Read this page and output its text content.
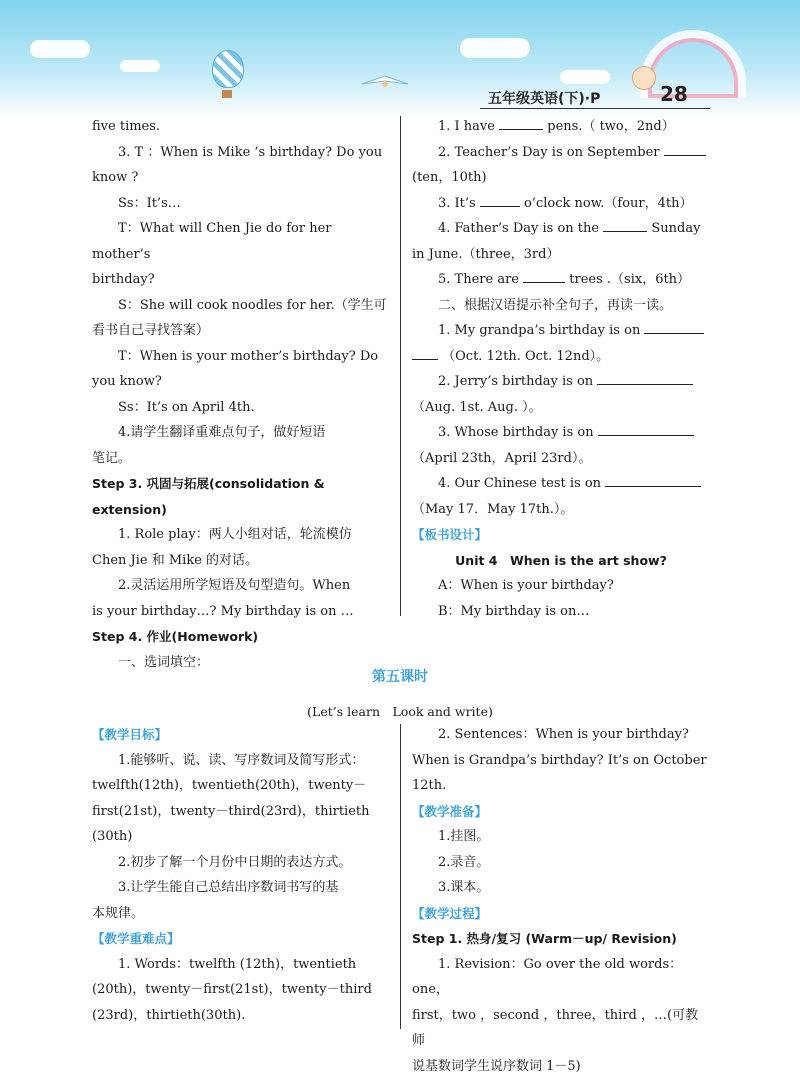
五年级英语(下)·P	28

five times.

3. T ：When is Mike ’s birthday? Do you

know ?

Ss：It’s…

T：What will Chen Jie do for her mother’s

birthday?

S：She will cook noodles for her.（学生可

看书自己寻找答案）

T：When is your mother’s birthday? Do

you know?

Ss：It’s on April 4th.

4.请学生翻译重难点句子，做好短语

笔记。

Step 3. 巩固与拓展(consolidation & extension)

1. Role play：两人小组对话，轮流模仿

Chen Jie 和 Mike 的对话。

2.灵活运用所学短语及句型造句。When

is your birthday…? My birthday is on …

Step 4. 作业(Homework)

一、选词填空：

1. I have	pens.（ two，2nd）

2. Teacher’s Day is on September

(ten，10th)

3. It’s	o’clock now.（four，4th）

4. Father’s Day is on the	Sunday

in June.（three，3rd）

5. There are	trees .（six，6th）

二、根据汉语提示补全句子，再读一读。

1. My grandpa’s birthday is on

（Oct. 12th. Oct. 12nd）。

2. Jerry’s birthday is on

（Aug. 1st. Aug. ）。

3. Whose birthday is on

（April 23th，April 23rd）。

4. Our Chinese test is on

（May 17．May 17th.）。

【板书设计】

Unit 4　When is the art show?

A：When is your birthday?

B：My birthday is on…

第五课时
(Let’s learn　Look and write)

【教学目标】

1.能够听、说、读、写序数词及简写形式：

twelfth(12th)，twentieth(20th)，twenty－

first(21st)，twenty－third(23rd)，thirtieth

(30th)

2.初步了解一个月份中日期的表达方式。

3.让学生能自己总结出序数词书写的基

本规律。

【教学重难点】

1. Words：twelfth (12th)，twentieth

(20th)，twenty－first(21st)，twenty－third

(23rd)，thirtieth(30th).

2. Sentences：When is your birthday?

When is Grandpa’s birthday? It’s on October

12th.

【教学准备】

1.挂图。

2.录音。

3.课本。

【教学过程】

Step 1. 热身/复习 (Warm－up/ Revision)

1. Revision：Go over the old words：one，

first，two ，second ，three，third ，…(可教师

说基数词学生说序数词 1－5)
